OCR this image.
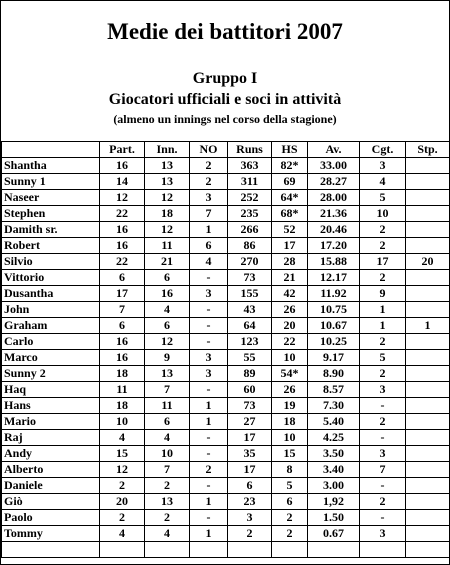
Medie dei battitori 2007
Gruppo I
Giocatori ufficiali e soci in attività
(almeno un innings nel corso della stagione)
	Part.	Inn.	NO	Runs	HS	Av.	Cgt.	Stp.
Shantha	16	13	2	363	82*	33.00	3	
Sunny 1	14	13	2	311	69	28.27	4	
Naseer	12	12	3	252	64*	28.00	5	
Stephen	22	18	7	235	68*	21.36	10	
Damith sr.	16	12	1	266	52	20.46	2	
Robert	16	11	6	86	17	17.20	2	
Silvio	22	21	4	270	28	15.88	17	20
Vittorio	6	6	-	73	21	12.17	2	
Dusantha	17	16	3	155	42	11.92	9	
John	7	4	-	43	26	10.75	1	
Graham	6	6	-	64	20	10.67	1	1
Carlo	16	12	-	123	22	10.25	2	
Marco	16	9	3	55	10	9.17	5	
Sunny 2	18	13	3	89	54*	8.90	2	
Haq	11	7	-	60	26	8.57	3	
Hans	18	11	1	73	19	7.30	-	
Mario	10	6	1	27	18	5.40	2	
Raj	4	4	-	17	10	4.25	-	
Andy	15	10	-	35	15	3.50	3	
Alberto	12	7	2	17	8	3.40	7	
Daniele	2	2	-	6	5	3.00	-	
Giò	20	13	1	23	6	1,92	2	
Paolo	2	2	-	3	2	1.50	-	
Tommy	4	4	1	2	2	0.67	3	
